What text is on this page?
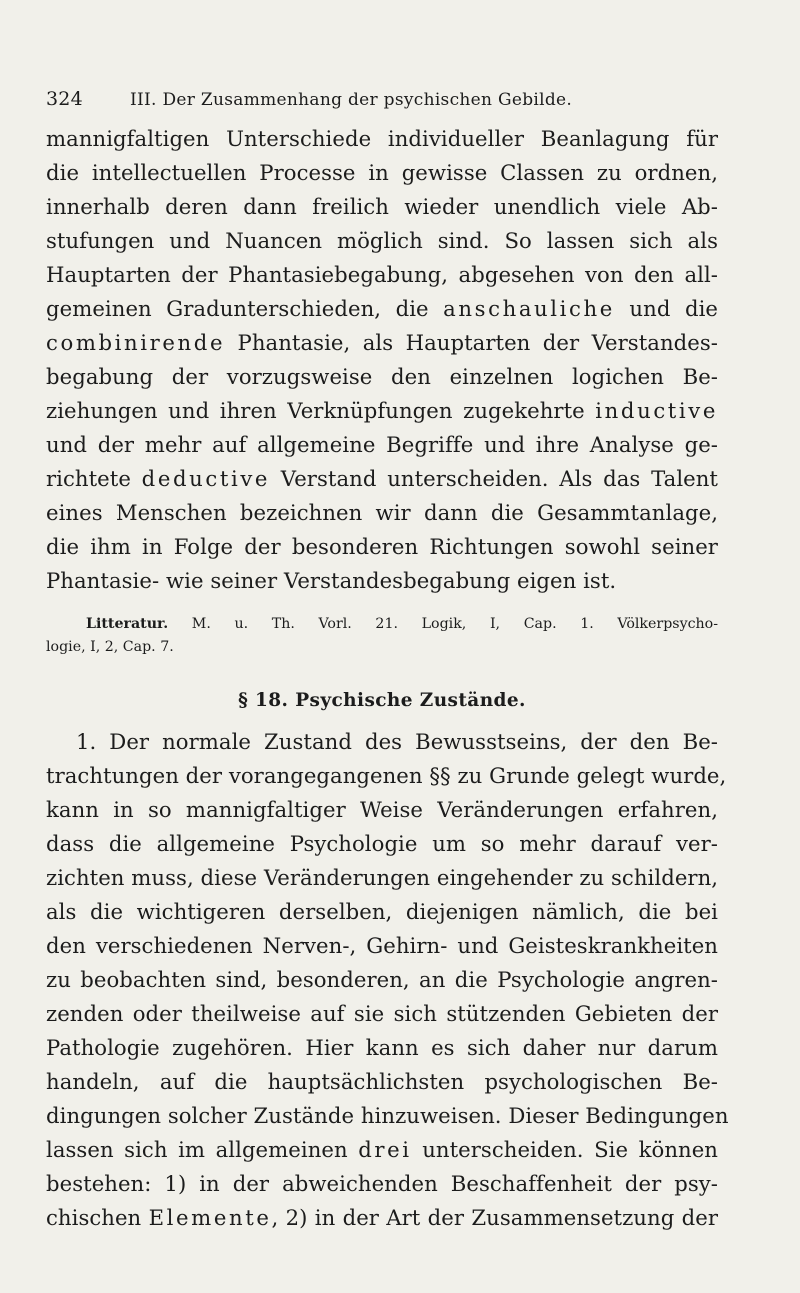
324	III. Der Zusammenhang der psychischen Gebilde.

mannigfaltigen Unterschiede individueller Beanlagung für
die intellectuellen Processe in gewisse Classen zu ordnen,
innerhalb deren dann freilich wieder unendlich viele Ab-
stufungen und Nuancen möglich sind. So lassen sich als
Hauptarten der Phantasiebegabung, abgesehen von den all-
gemeinen Gradunterschieden, die anschauliche und die
combinirende Phantasie, als Hauptarten der Verstandes-
begabung der vorzugsweise den einzelnen logichen Be-
ziehungen und ihren Verknüpfungen zugekehrte inductive
und der mehr auf allgemeine Begriffe und ihre Analyse ge-
richtete deductive Verstand unterscheiden. Als das Talent
eines Menschen bezeichnen wir dann die Gesammtanlage,
die ihm in Folge der besonderen Richtungen sowohl seiner
Phantasie- wie seiner Verstandesbegabung eigen ist.

Litteratur. M. u. Th. Vorl. 21. Logik, I, Cap. 1. Völkerpsycho-
logie, I, 2, Cap. 7.

§ 18. Psychische Zustände.

1. Der normale Zustand des Bewusstseins, der den Be-
trachtungen der vorangegangenen §§ zu Grunde gelegt wurde,
kann in so mannigfaltiger Weise Veränderungen erfahren,
dass die allgemeine Psychologie um so mehr darauf ver-
zichten muss, diese Veränderungen eingehender zu schildern,
als die wichtigeren derselben, diejenigen nämlich, die bei
den verschiedenen Nerven-, Gehirn- und Geisteskrankheiten
zu beobachten sind, besonderen, an die Psychologie angren-
zenden oder theilweise auf sie sich stützenden Gebieten der
Pathologie zugehören. Hier kann es sich daher nur darum
handeln, auf die hauptsächlichsten psychologischen Be-
dingungen solcher Zustände hinzuweisen. Dieser Bedingungen
lassen sich im allgemeinen drei unterscheiden. Sie können
bestehen: 1) in der abweichenden Beschaffenheit der psy-
chischen Elemente, 2) in der Art der Zusammensetzung der
